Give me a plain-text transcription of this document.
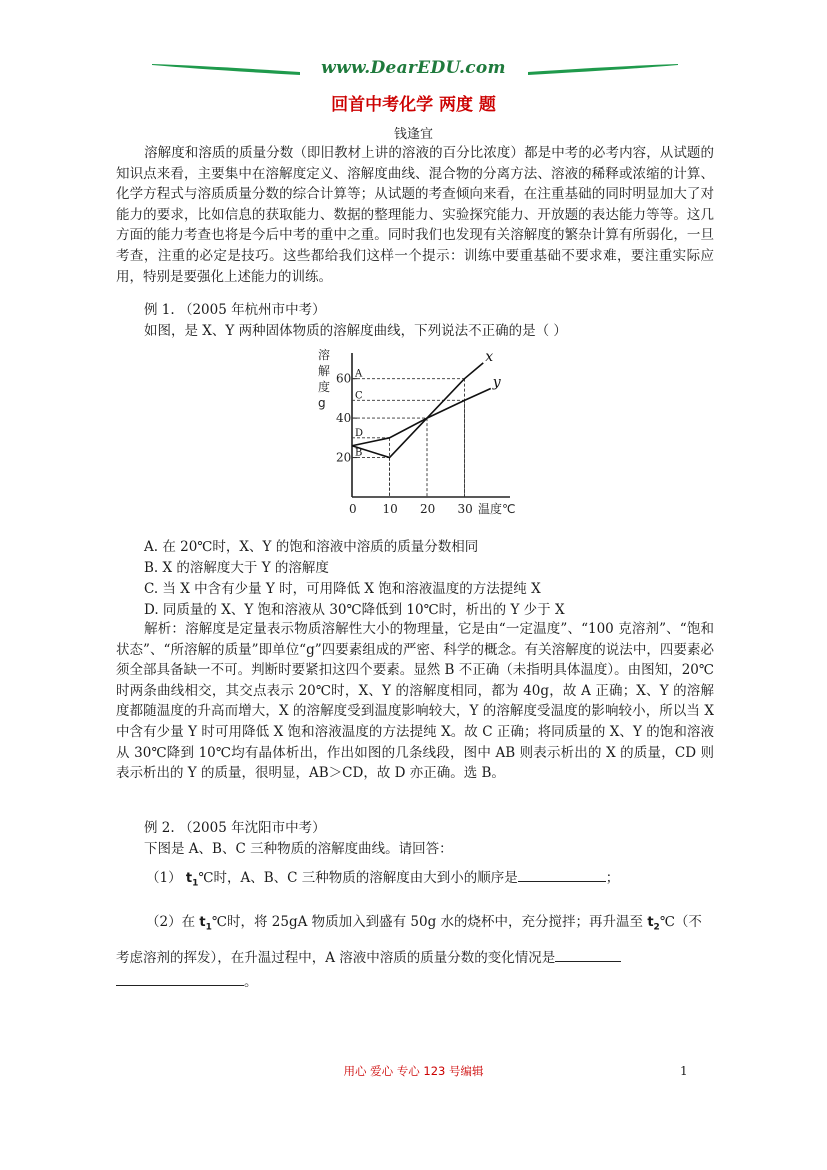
www.DearEDU.com
回首中考化学 两度 题
钱逢宜
溶解度和溶质的质量分数（即旧教材上讲的溶液的百分比浓度）都是中考的必考内容，从试题的知识点来看，主要集中在溶解度定义、溶解度曲线、混合物的分离方法、溶液的稀释或浓缩的计算、化学方程式与溶质质量分数的综合计算等；从试题的考查倾向来看，在注重基础的同时明显加大了对能力的要求，比如信息的获取能力、数据的整理能力、实验探究能力、开放题的表达能力等等。这几方面的能力考查也将是今后中考的重中之重。同时我们也发现有关溶解度的繁杂计算有所弱化，一旦考查，注重的必定是技巧。这些都给我们这样一个提示：训练中要重基础不要求难，要注重实际应用，特别是要强化上述能力的训练。
例 1. （2005 年杭州市中考）
如图，是 X、Y 两种固体物质的溶解度曲线，下列说法不正确的是（ ）
20
40
60
0 10 20 30
溶
解
度
g
温度℃
x
y
A
C
D
B
A. 在 20℃时，X、Y 的饱和溶液中溶质的质量分数相同
B. X 的溶解度大于 Y 的溶解度
C. 当 X 中含有少量 Y 时，可用降低 X 饱和溶液温度的方法提纯 X
D. 同质量的 X、Y 饱和溶液从 30℃降低到 10℃时，析出的 Y 少于 X
解析：溶解度是定量表示物质溶解性大小的物理量，它是由“一定温度”、“100 克溶剂”、“饱和状态”、“所溶解的质量”即单位“g”四要素组成的严密、科学的概念。有关溶解度的说法中，四要素必须全部具备缺一不可。判断时要紧扣这四个要素。显然 B 不正确（未指明具体温度）。由图知，20℃时两条曲线相交，其交点表示 20℃时，X、Y 的溶解度相同，都为 40g，故 A 正确；X、Y 的溶解度都随温度的升高而增大，X 的溶解度受到温度影响较大，Y 的溶解度受温度的影响较小，所以当 X 中含有少量 Y 时可用降低 X 饱和溶液温度的方法提纯 X。故 C 正确；将同质量的 X、Y 的饱和溶液从 30℃降到 10℃均有晶体析出，作出如图的几条线段，图中 AB 则表示析出的 X 的质量，CD 则表示析出的 Y 的质量，很明显，AB＞CD，故 D 亦正确。选 B。
例 2. （2005 年沈阳市中考）
下图是 A、B、C 三种物质的溶解度曲线。请回答：
（1） $t_1℃$时，A、B、C 三种物质的溶解度由大到小的顺序是	；
（2）在 $t_1℃$时，将 25gA 物质加入到盛有 50g 水的烧杯中，充分搅拌；再升温至 $t_2℃$（不
考虑溶剂的挥发），在升温过程中，A 溶液中溶质的质量分数的变化情况是
。
用心 爱心 专心 123 号编辑	1
